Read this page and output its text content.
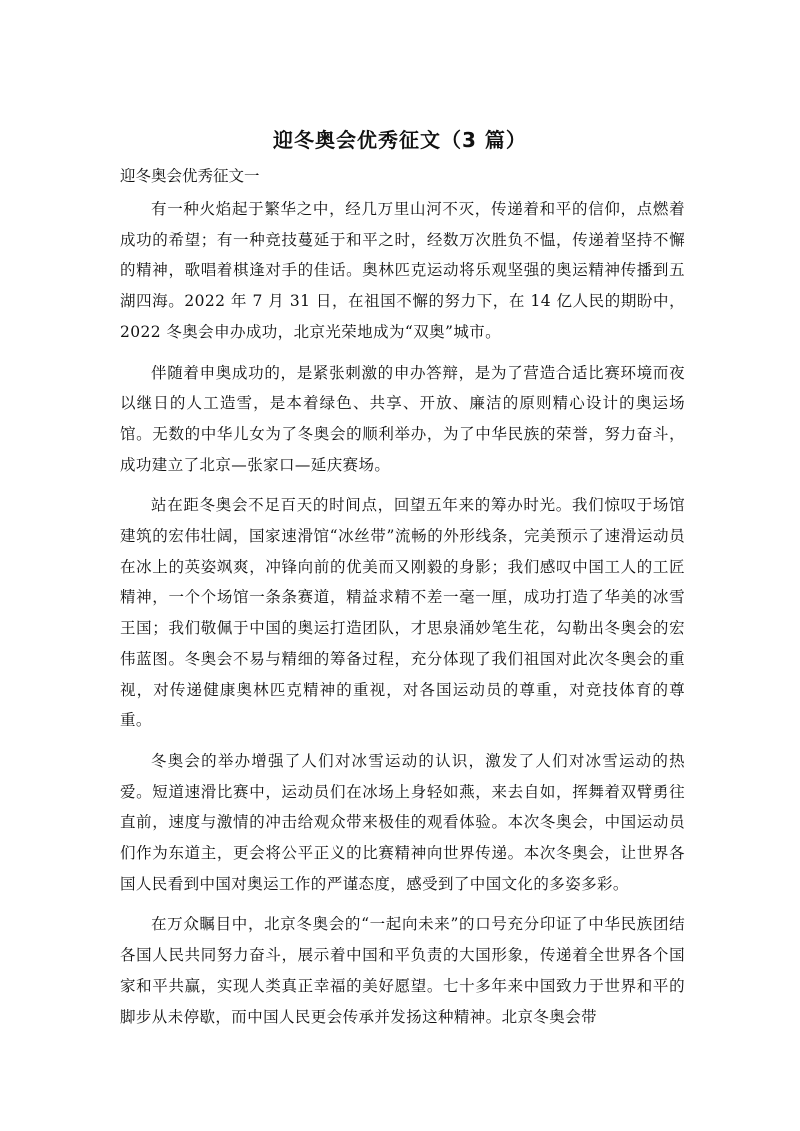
迎冬奥会优秀征文（3 篇）
迎冬奥会优秀征文一

有一种火焰起于繁华之中，经几万里山河不灭，传递着和平的信仰，点燃着成功的希望；有一种竞技蔓延于和平之时，经数万次胜负不愠，传递着坚持不懈的精神，歌唱着棋逢对手的佳话。奥林匹克运动将乐观坚强的奥运精神传播到五湖四海。2022 年 7 月 31 日，在祖国不懈的努力下，在 14 亿人民的期盼中，2022 冬奥会申办成功，北京光荣地成为“双奥”城市。

伴随着申奥成功的，是紧张刺激的申办答辩，是为了营造合适比赛环境而夜以继日的人工造雪，是本着绿色、共享、开放、廉洁的原则精心设计的奥运场馆。无数的中华儿女为了冬奥会的顺利举办，为了中华民族的荣誉，努力奋斗，成功建立了北京—张家口—延庆赛场。

站在距冬奥会不足百天的时间点，回望五年来的筹办时光。我们惊叹于场馆建筑的宏伟壮阔，国家速滑馆“冰丝带”流畅的外形线条，完美预示了速滑运动员在冰上的英姿飒爽，冲锋向前的优美而又刚毅的身影；我们感叹中国工人的工匠精神，一个个场馆一条条赛道，精益求精不差一毫一厘，成功打造了华美的冰雪王国；我们敬佩于中国的奥运打造团队，才思泉涌妙笔生花，勾勒出冬奥会的宏伟蓝图。冬奥会不易与精细的筹备过程，充分体现了我们祖国对此次冬奥会的重视，对传递健康奥林匹克精神的重视，对各国运动员的尊重，对竞技体育的尊重。

冬奥会的举办增强了人们对冰雪运动的认识，激发了人们对冰雪运动的热爱。短道速滑比赛中，运动员们在冰场上身轻如燕，来去自如，挥舞着双臂勇往直前，速度与激情的冲击给观众带来极佳的观看体验。本次冬奥会，中国运动员们作为东道主，更会将公平正义的比赛精神向世界传递。本次冬奥会，让世界各国人民看到中国对奥运工作的严谨态度，感受到了中国文化的多姿多彩。

在万众瞩目中，北京冬奥会的“一起向未来”的口号充分印证了中华民族团结各国人民共同努力奋斗，展示着中国和平负责的大国形象，传递着全世界各个国家和平共赢，实现人类真正幸福的美好愿望。七十多年来中国致力于世界和平的脚步从未停歇，而中国人民更会传承并发扬这种精神。北京冬奥会带
